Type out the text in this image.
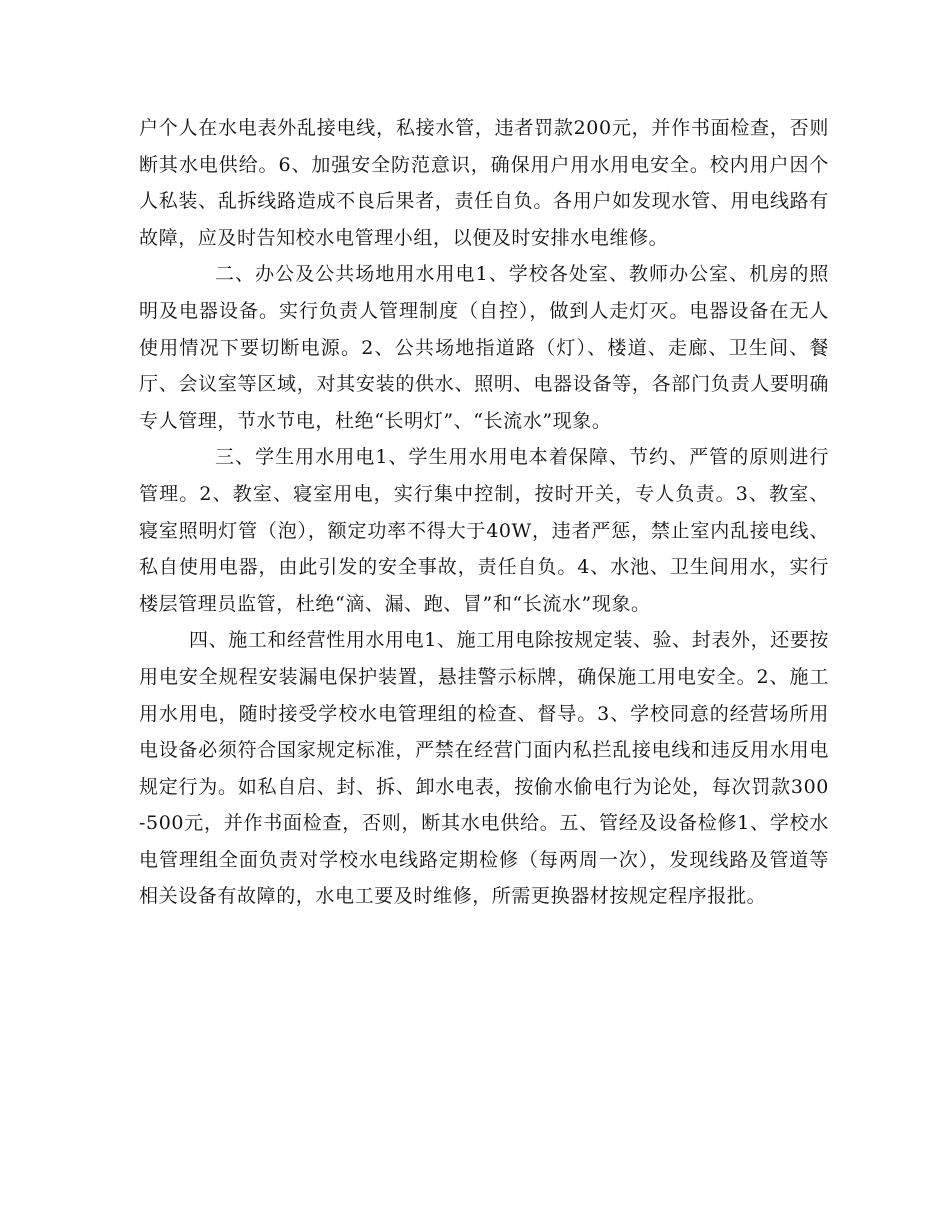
户个人在水电表外乱接电线，私接水管，违者罚款200元，并作书面检查，否则断其水电供给。6、加强安全防范意识，确保用户用水用电安全。校内用户因个人私装、乱拆线路造成不良后果者，责任自负。各用户如发现水管、用电线路有故障，应及时告知校水电管理小组，以便及时安排水电维修。

二、办公及公共场地用水用电1、学校各处室、教师办公室、机房的照明及电器设备。实行负责人管理制度（自控），做到人走灯灭。电器设备在无人使用情况下要切断电源。2、公共场地指道路（灯）、楼道、走廊、卫生间、餐厅、会议室等区域，对其安装的供水、照明、电器设备等，各部门负责人要明确专人管理，节水节电，杜绝“长明灯”、“长流水”现象。

三、学生用水用电1、学生用水用电本着保障、节约、严管的原则进行管理。2、教室、寝室用电，实行集中控制，按时开关，专人负责。3、教室、寝室照明灯管（泡），额定功率不得大于40W，违者严惩，禁止室内乱接电线、私自使用电器，由此引发的安全事故，责任自负。4、水池、卫生间用水，实行楼层管理员监管，杜绝“滴、漏、跑、冒”和“长流水”现象。

四、施工和经营性用水用电1、施工用电除按规定装、验、封表外，还要按用电安全规程安装漏电保护装置，悬挂警示标牌，确保施工用电安全。2、施工用水用电，随时接受学校水电管理组的检查、督导。3、学校同意的经营场所用电设备必须符合国家规定标准，严禁在经营门面内私拦乱接电线和违反用水用电规定行为。如私自启、封、拆、卸水电表，按偷水偷电行为论处，每次罚款300-500元，并作书面检查，否则，断其水电供给。五、管经及设备检修1、学校水电管理组全面负责对学校水电线路定期检修（每两周一次），发现线路及管道等相关设备有故障的，水电工要及时维修，所需更换器材按规定程序报批。
